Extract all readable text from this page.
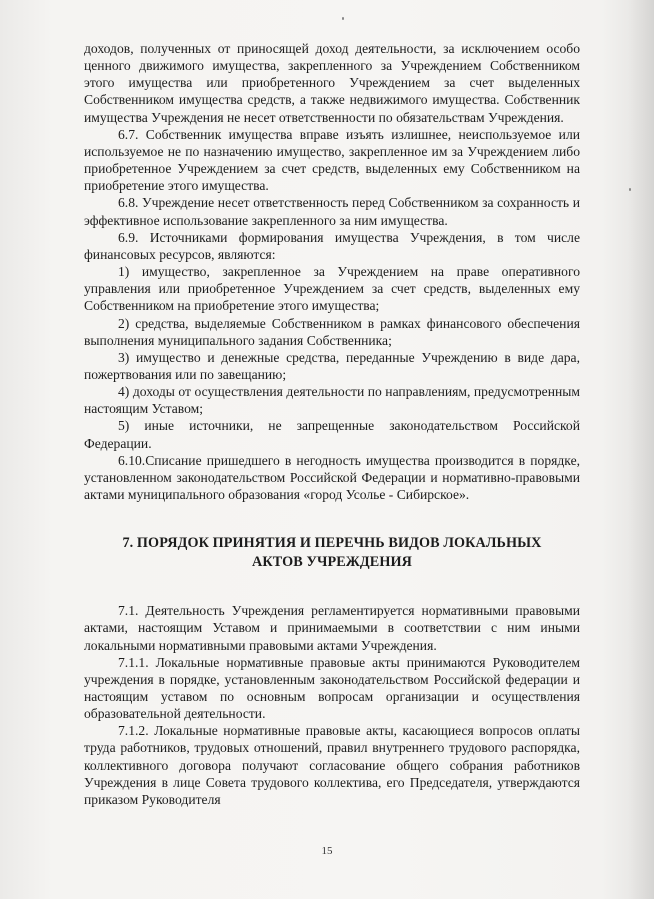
доходов, полученных от приносящей доход деятельности, за исключением особо ценного движимого имущества, закрепленного за Учреждением Собственником этого имущества или приобретенного Учреждением за счет выделенных Собственником имущества средств, а также недвижимого имущества. Собственник имущества Учреждения не несет ответственности по обязательствам Учреждения.

6.7. Собственник имущества вправе изъять излишнее, неиспользуемое или используемое не по назначению имущество, закрепленное им за Учреждением либо приобретенное Учреждением за счет средств, выделенных ему Собственником на приобретение этого имущества.

6.8. Учреждение несет ответственность перед Собственником за сохранность и эффективное использование закрепленного за ним имущества.

6.9. Источниками формирования имущества Учреждения, в том числе финансовых ресурсов, являются:

1) имущество, закрепленное за Учреждением на праве оперативного управления или приобретенное Учреждением за счет средств, выделенных ему Собственником на приобретение этого имущества;

2) средства, выделяемые Собственником в рамках финансового обеспечения выполнения муниципального задания Собственника;

3) имущество и денежные средства, переданные Учреждению в виде дара, пожертвования или по завещанию;

4) доходы от осуществления деятельности по направлениям, предусмотренным настоящим Уставом;

5) иные источники, не запрещенные законодательством Российской Федерации.

6.10.Списание пришедшего в негодность имущества производится в порядке, установленном законодательством Российской Федерации и нормативно-правовыми актами муниципального образования «город Усолье - Сибирское».

7. ПОРЯДОК ПРИНЯТИЯ И ПЕРЕЧНЬ ВИДОВ ЛОКАЛЬНЫХ
АКТОВ УЧРЕЖДЕНИЯ

7.1. Деятельность Учреждения регламентируется нормативными правовыми актами, настоящим Уставом и принимаемыми в соответствии с ним иными локальными нормативными правовыми актами Учреждения.

7.1.1. Локальные нормативные правовые акты принимаются Руководителем учреждения в порядке, установленным законодательством Российской федерации и настоящим уставом по основным вопросам организации и осуществления образовательной деятельности.

7.1.2. Локальные нормативные правовые акты, касающиеся вопросов оплаты труда работников, трудовых отношений, правил внутреннего трудового распорядка, коллективного договора получают согласование общего собрания работников Учреждения в лице Совета трудового коллектива, его Председателя, утверждаются приказом Руководителя

15
